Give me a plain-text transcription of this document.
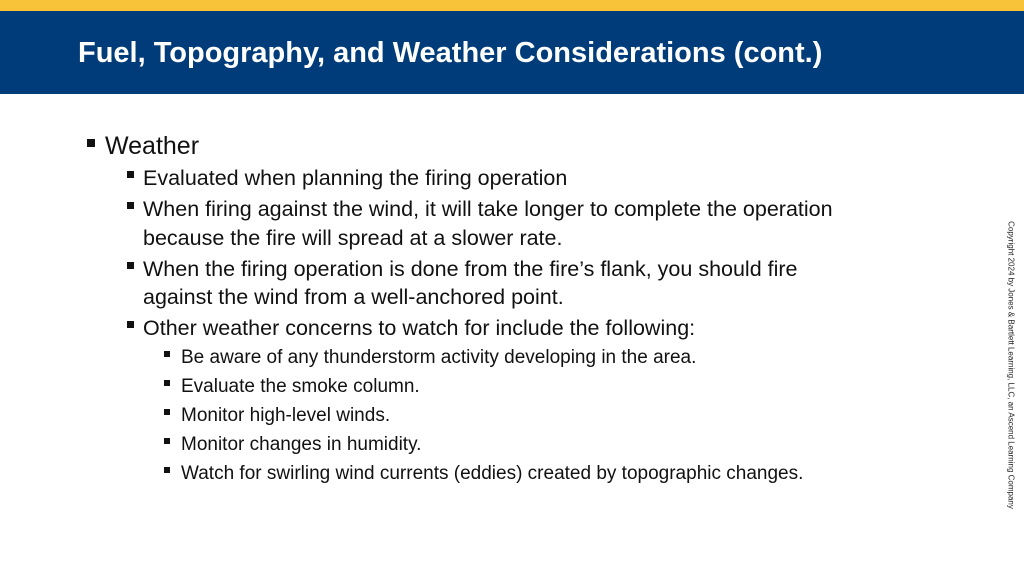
Fuel, Topography, and Weather Considerations (cont.)
Weather
Evaluated when planning the firing operation
When firing against the wind, it will take longer to complete the operation
because the fire will spread at a slower rate.
When the firing operation is done from the fire’s flank, you should fire
against the wind from a well-anchored point.
Other weather concerns to watch for include the following:
Be aware of any thunderstorm activity developing in the area.
Evaluate the smoke column.
Monitor high-level winds.
Monitor changes in humidity.
Watch for swirling wind currents (eddies) created by topographic changes.	Copyright 2024 by Jones & Bartlett Learning, LLC, an Ascend Learning Company
